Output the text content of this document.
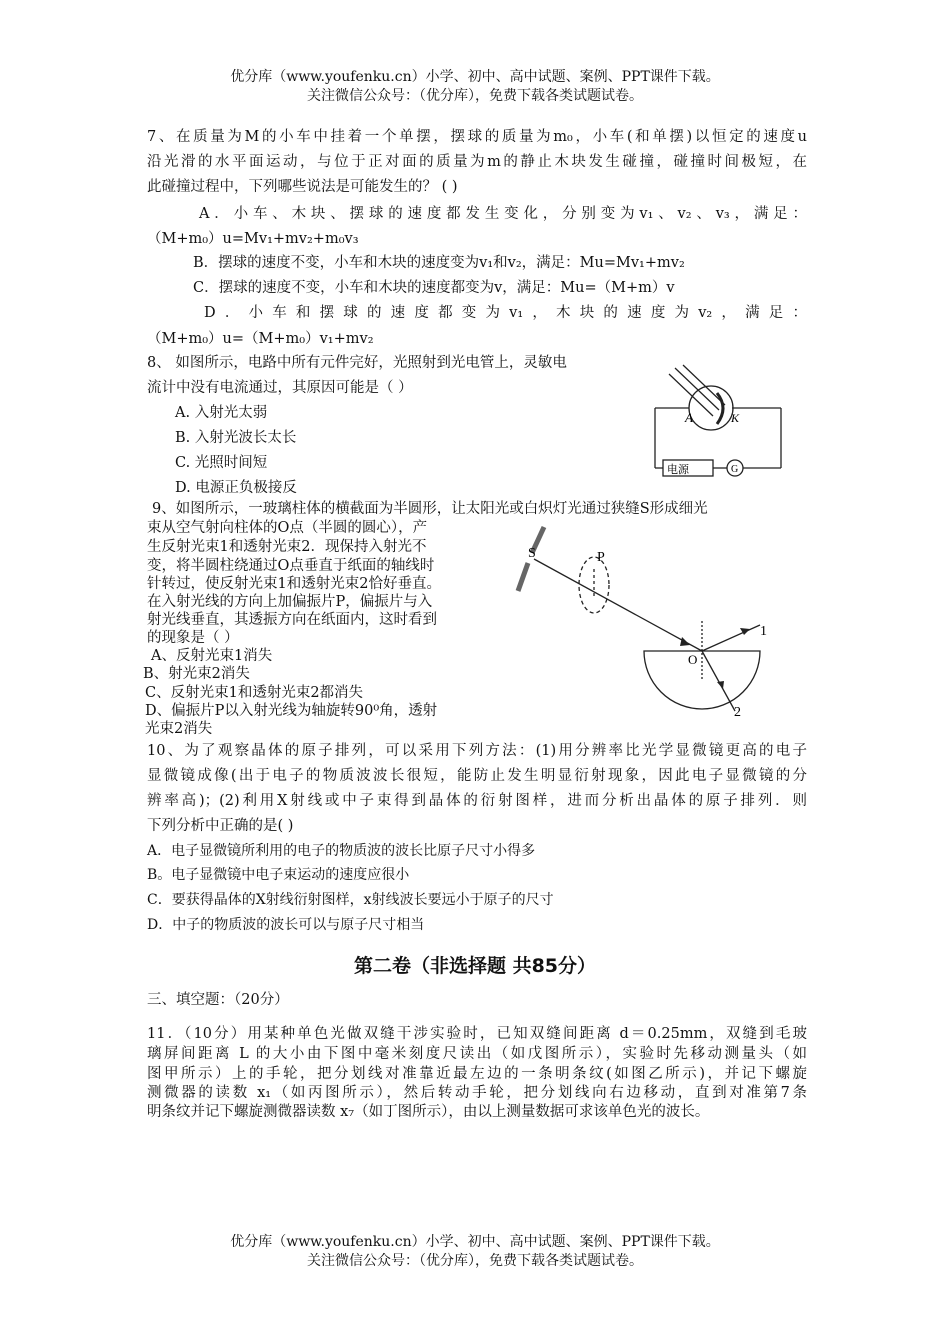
优分库（www.youfenku.cn）小学、初中、高中试题、案例、PPT课件下载。
关注微信公众号：（优分库），免费下载各类试题试卷。
7、在质量为M的小车中挂着一个单摆，摆球的质量为m₀，小车(和单摆)以恒定的速度u
沿光滑的水平面运动，与位于正对面的质量为m的静止木块发生碰撞，碰撞时间极短，在
此碰撞过程中，下列哪些说法是可能发生的？ ( )
A．小车、木块、摆球的速度都发生变化，分别变为v₁、v₂、v₃，满足：
（M+m₀）u=Mv₁+mv₂+m₀v₃
B．摆球的速度不变，小车和木块的速度变为v₁和v₂，满足：Mu=Mv₁+mv₂
C．摆球的速度不变，小车和木块的速度都变为v，满足：Mu=（M+m）v
D．小车和摆球的速度都变为v₁，木块的速度为v₂，满足：
（M+m₀）u=（M+m₀）v₁+mv₂
8、 如图所示，电路中所有元件完好，光照射到光电管上，灵敏电
流计中没有电流通过，其原因可能是（ ）
A. 入射光太弱
B. 入射光波长太长
C. 光照时间短
D. 电源正负极接反
A	K
电源	G
9、如图所示，一玻璃柱体的横截面为半圆形，让太阳光或白炽灯光通过狭缝S形成细光
束从空气射向柱体的O点（半圆的圆心），产
生反射光束1和透射光束2．现保持入射光不
变，将半圆柱绕通过O点垂直于纸面的轴线时
针转过，使反射光束1和透射光束2恰好垂直。
在入射光线的方向上加偏振片P，偏振片与入
射光线垂直，其透振方向在纸面内，这时看到
的现象是（ ）
A、反射光束1消失
B、射光束2消失
C、反射光束1和透射光束2都消失
D、偏振片P以入射光线为轴旋转90⁰角，透射
光束2消失
S	P
O
1
2
10、为了观察晶体的原子排列，可以采用下列方法：(1)用分辨率比光学显微镜更高的电子
显微镜成像(出于电子的物质波波长很短，能防止发生明显衍射现象，因此电子显微镜的分
辨率高)；(2)利用X射线或中子束得到晶体的衍射图样，进而分析出晶体的原子排列．则
下列分析中正确的是( )
A．电子显微镜所利用的电子的物质波的波长比原子尺寸小得多
B。电子显微镜中电子束运动的速度应很小
C．要获得晶体的X射线衍射图样，x射线波长要远小于原子的尺寸
D．中子的物质波的波长可以与原子尺寸相当
第二卷（非选择题 共85分）
三、填空题：（20分）
11．（10分）用某种单色光做双缝干涉实验时，已知双缝间距离 d＝0.25mm，双缝到毛玻
璃屏间距离 L 的大小由下图中毫米刻度尺读出（如戊图所示），实验时先移动测量头（如
图甲所示）上的手轮，把分划线对准靠近最左边的一条明条纹(如图乙所示)，并记下螺旋
测微器的读数 x₁（如丙图所示），然后转动手轮，把分划线向右边移动，直到对准第7条
明条纹并记下螺旋测微器读数 x₇（如丁图所示），由以上测量数据可求该单色光的波长。
优分库（www.youfenku.cn）小学、初中、高中试题、案例、PPT课件下载。
关注微信公众号：（优分库），免费下载各类试题试卷。
